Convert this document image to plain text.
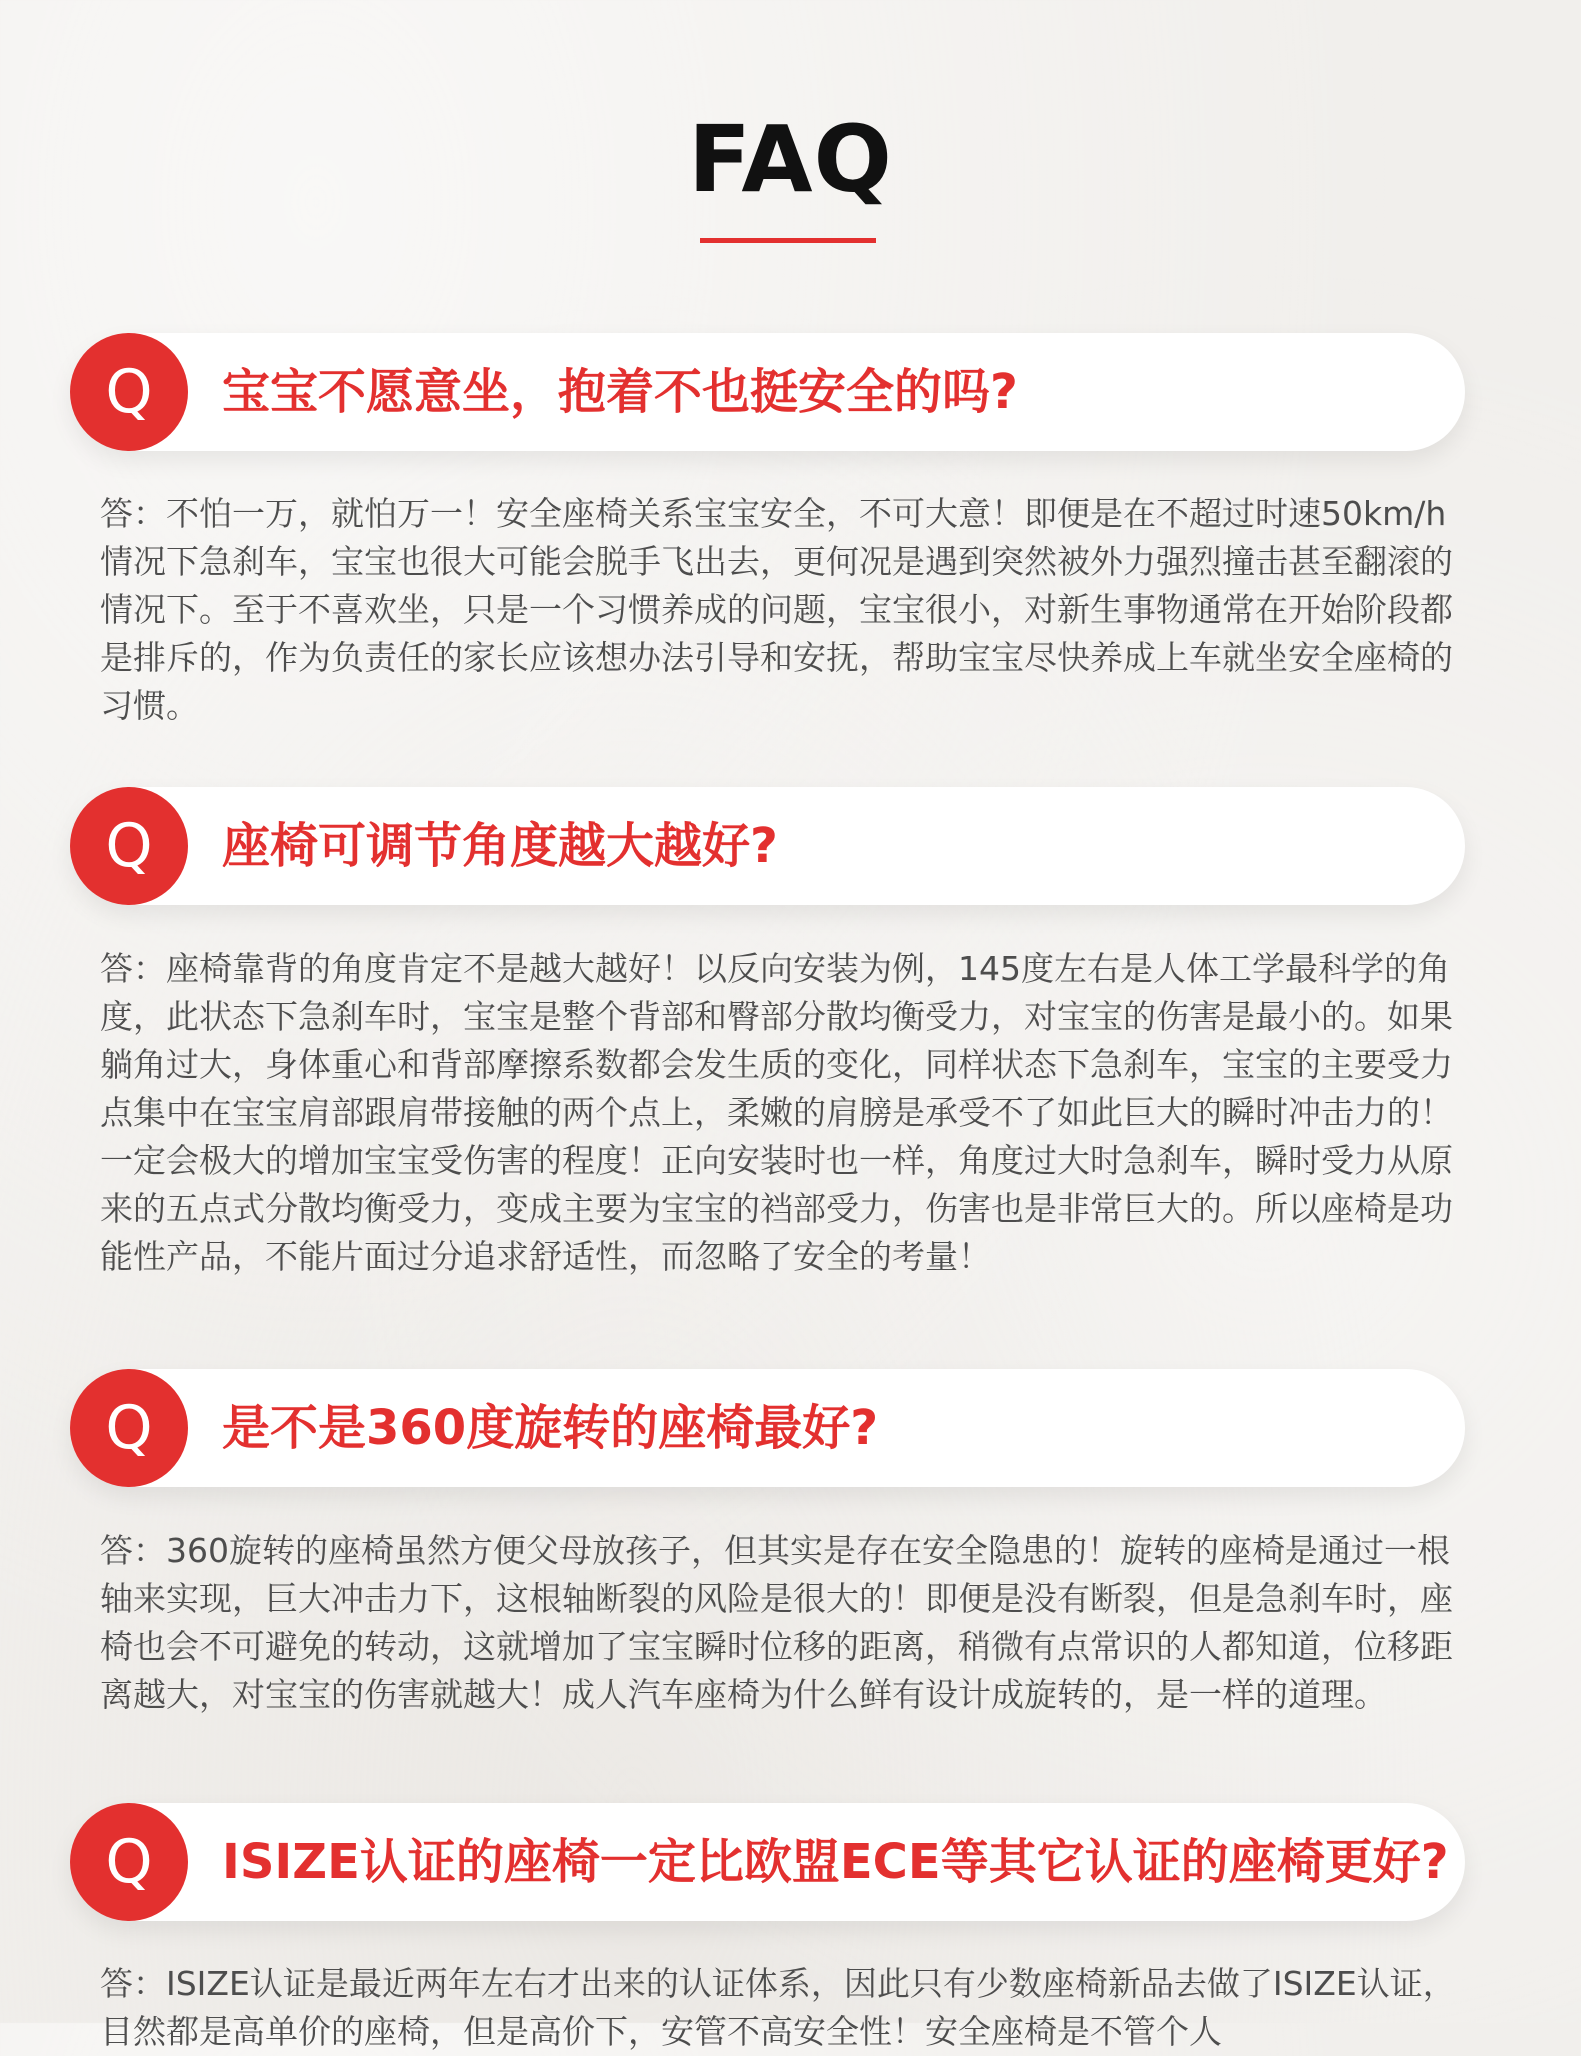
FAQ
Q	宝宝不愿意坐，抱着不也挺安全的吗?

答：不怕一万，就怕万一！安全座椅关系宝宝安全，不可大意！即便是在不超过时速50km/h情况下急刹车，宝宝也很大可能会脱手飞出去，更何况是遇到突然被外力强烈撞击甚至翻滚的情况下。至于不喜欢坐，只是一个习惯养成的问题，宝宝很小，对新生事物通常在开始阶段都是排斥的，作为负责任的家长应该想办法引导和安抚，帮助宝宝尽快养成上车就坐安全座椅的习惯。

Q	座椅可调节角度越大越好?

答：座椅靠背的角度肯定不是越大越好！以反向安装为例，145度左右是人体工学最科学的角度，此状态下急刹车时，宝宝是整个背部和臀部分散均衡受力，对宝宝的伤害是最小的。如果躺角过大，身体重心和背部摩擦系数都会发生质的变化，同样状态下急刹车，宝宝的主要受力点集中在宝宝肩部跟肩带接触的两个点上，柔嫩的肩膀是承受不了如此巨大的瞬时冲击力的！一定会极大的增加宝宝受伤害的程度！正向安装时也一样，角度过大时急刹车，瞬时受力从原来的五点式分散均衡受力，变成主要为宝宝的裆部受力，伤害也是非常巨大的。所以座椅是功能性产品，不能片面过分追求舒适性，而忽略了安全的考量！

Q	是不是360度旋转的座椅最好?

答：360旋转的座椅虽然方便父母放孩子，但其实是存在安全隐患的！旋转的座椅是通过一根轴来实现，巨大冲击力下，这根轴断裂的风险是很大的！即便是没有断裂，但是急刹车时，座椅也会不可避免的转动，这就增加了宝宝瞬时位移的距离，稍微有点常识的人都知道，位移距离越大，对宝宝的伤害就越大！成人汽车座椅为什么鲜有设计成旋转的，是一样的道理。

Q	ISIZE认证的座椅一定比欧盟ECE等其它认证的座椅更好?

答：ISIZE认证是最近两年左右才出来的认证体系，因此只有少数座椅新品去做了ISIZE认证，目然都是高单价的座椅，但是高价下，安管不高安全性！安全座椅是不管个人
